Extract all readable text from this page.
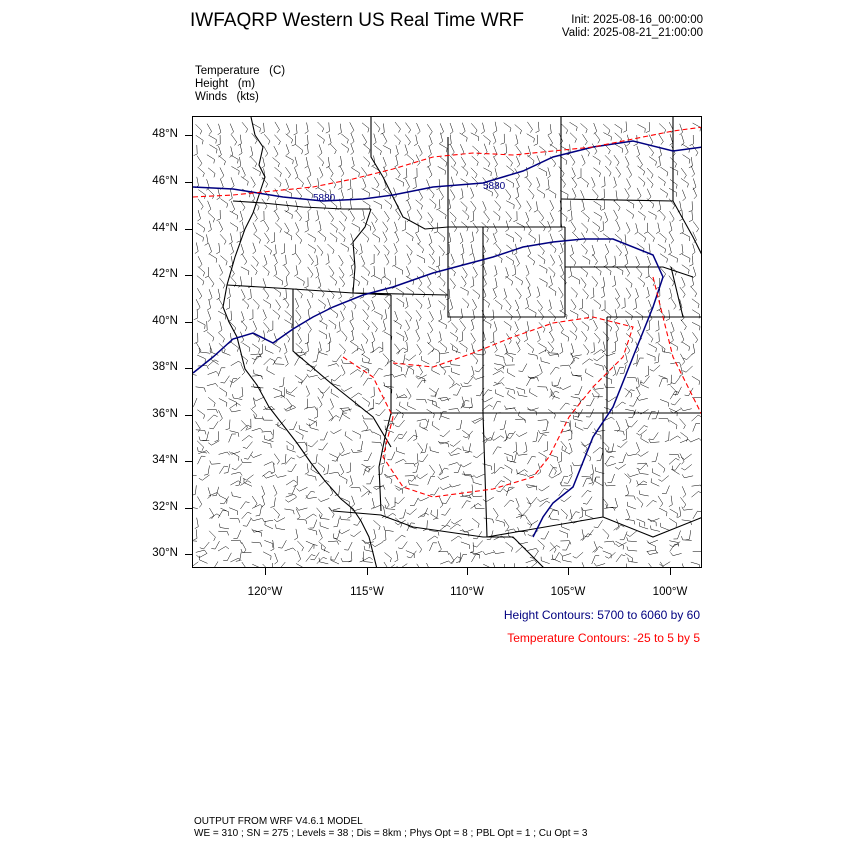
IWFAQRP Western US Real Time WRF	Init: 2025-08-16_00:00:00
Valid: 2025-08-21_21:00:00
Temperature   (C)
Height   (m)
Winds   (kts)
5880
5880
48°N
46°N
44°N
42°N
40°N
38°N
36°N
34°N
32°N
30°N
120°W	115°W	110°W	105°W	100°W
Height Contours: 5700 to 6060 by 60
Temperature Contours: -25 to 5 by 5
OUTPUT FROM WRF V4.6.1 MODEL
WE = 310 ; SN = 275 ; Levels = 38 ; Dis = 8km ; Phys Opt = 8 ; PBL Opt = 1 ; Cu Opt = 3
